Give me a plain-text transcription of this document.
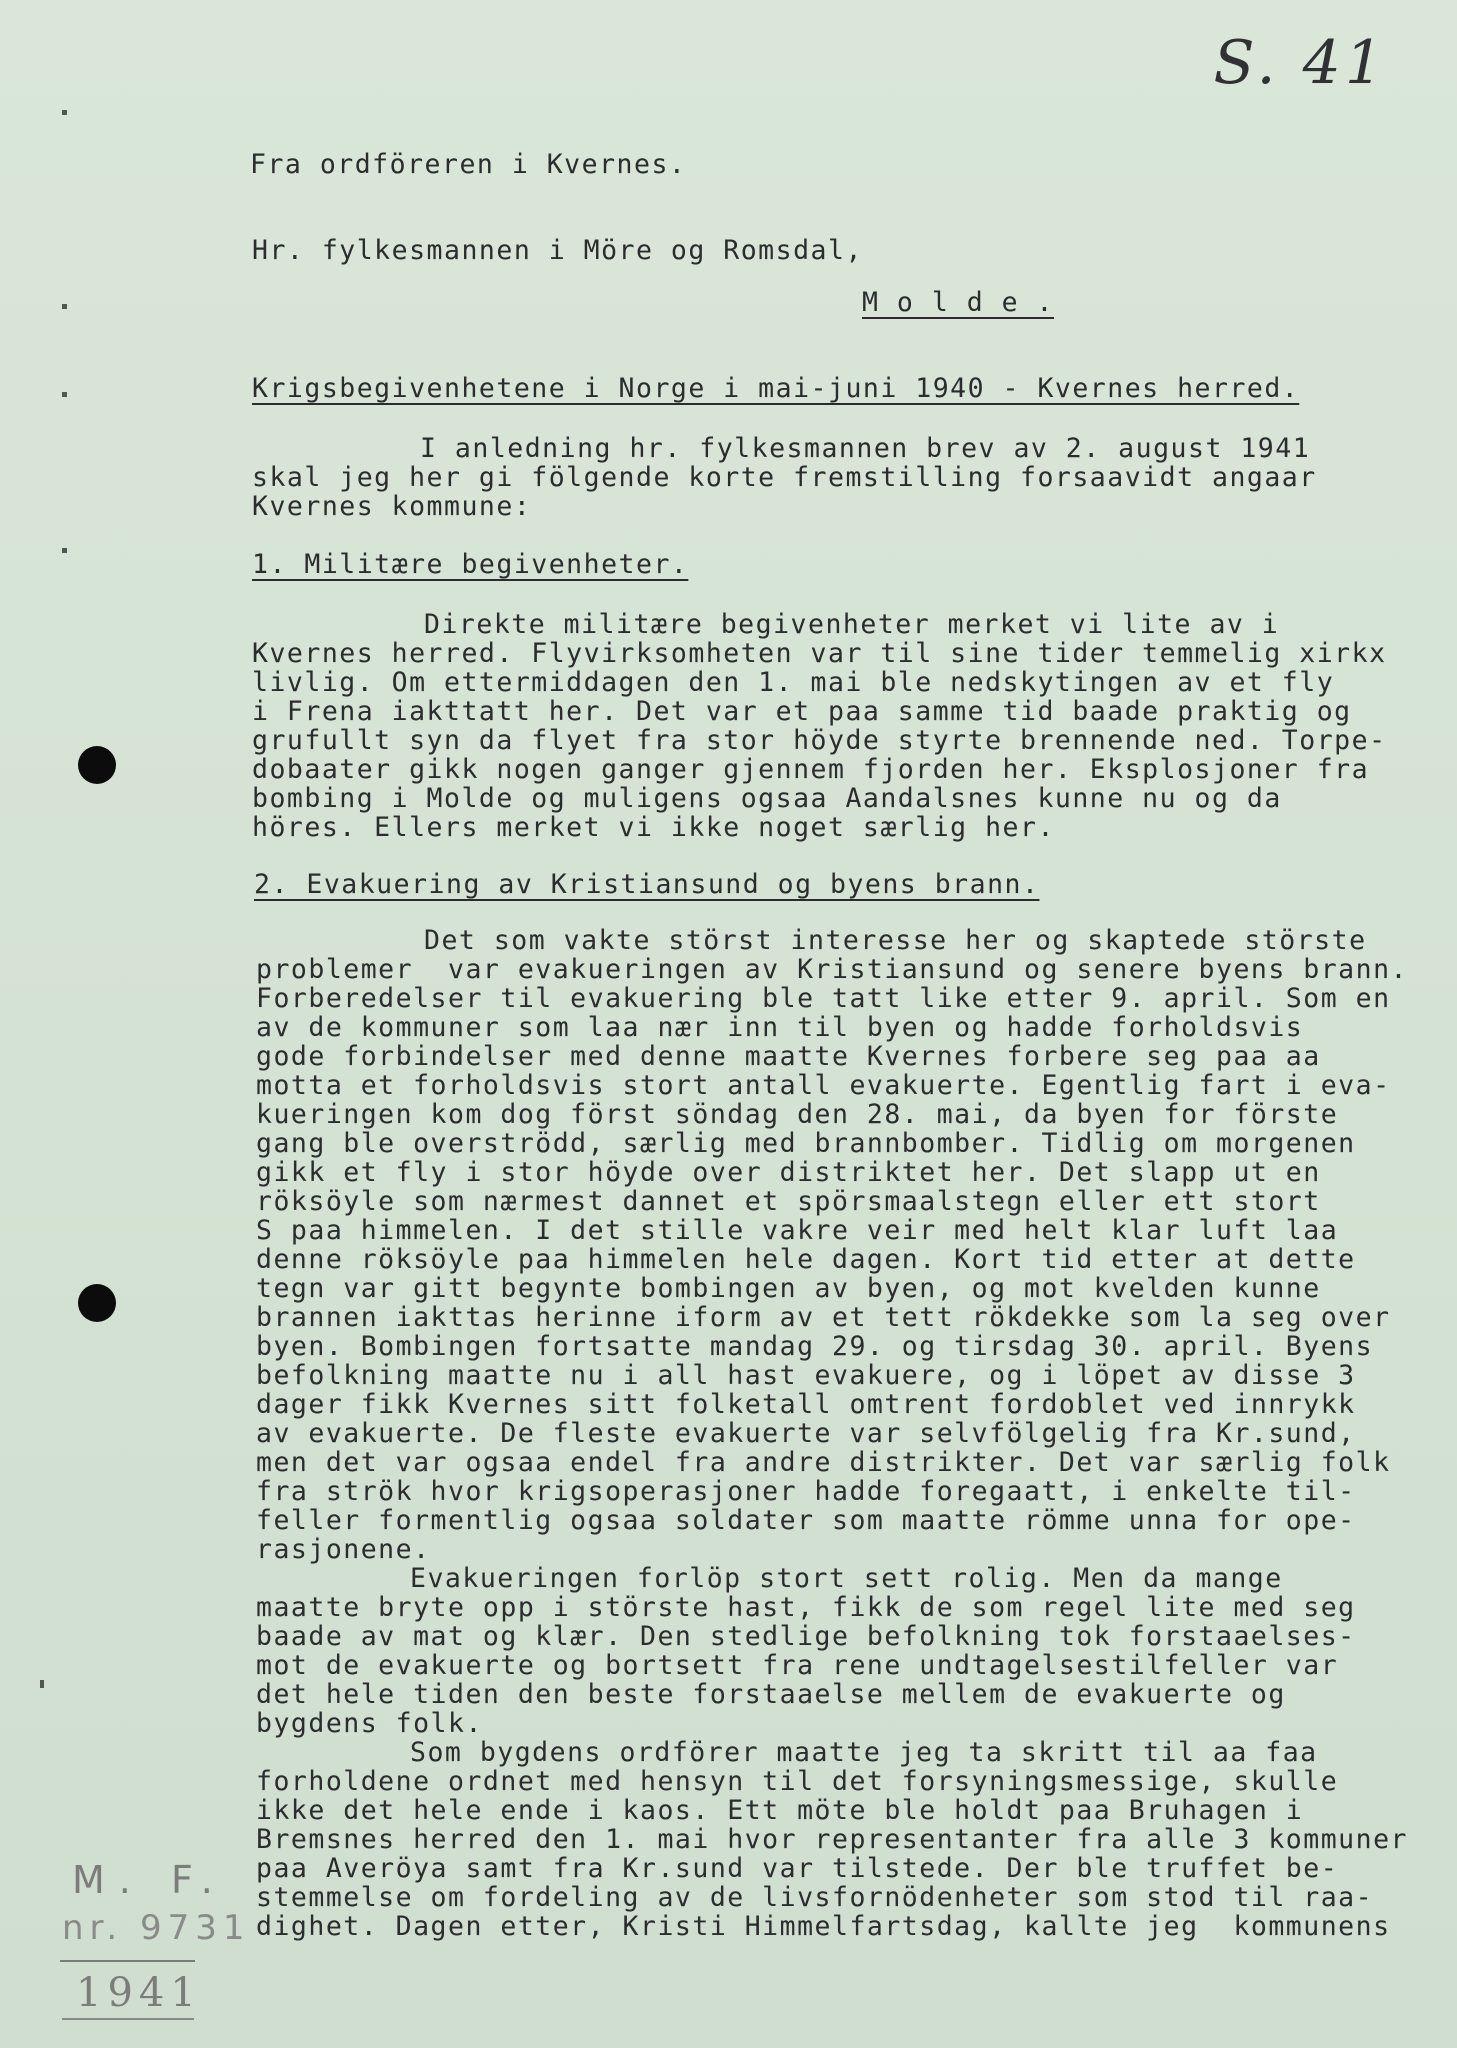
S. 41
Fra ordföreren i Kvernes.
Hr. fylkesmannen i Möre og Romsdal,
M o l d e .
Krigsbegivenhetene i Norge i mai-juni 1940 - Kvernes herred.
I anledning hr. fylkesmannen brev av 2. august 1941
skal jeg her gi fölgende korte fremstilling forsaavidt angaar
Kvernes kommune:
1. Militære begivenheter.
Direkte militære begivenheter merket vi lite av i
Kvernes herred. Flyvirksomheten var til sine tider temmelig xirkx
livlig. Om ettermiddagen den 1. mai ble nedskytingen av et fly
i Frena iakttatt her. Det var et paa samme tid baade praktig og
grufullt syn da flyet fra stor höyde styrte brennende ned. Torpe-
dobaater gikk nogen ganger gjennem fjorden her. Eksplosjoner fra
bombing i Molde og muligens ogsaa Aandalsnes kunne nu og da
höres. Ellers merket vi ikke noget særlig her.
2. Evakuering av Kristiansund og byens brann.
Det som vakte störst interesse her og skaptede störste
problemer  var evakueringen av Kristiansund og senere byens brann.
Forberedelser til evakuering ble tatt like etter 9. april. Som en
av de kommuner som laa nær inn til byen og hadde forholdsvis
gode forbindelser med denne maatte Kvernes forbere seg paa aa
motta et forholdsvis stort antall evakuerte. Egentlig fart i eva-
kueringen kom dog först söndag den 28. mai, da byen for förste
gang ble overströdd, særlig med brannbomber. Tidlig om morgenen
gikk et fly i stor höyde over distriktet her. Det slapp ut en
röksöyle som nærmest dannet et spörsmaalstegn eller ett stort
S paa himmelen. I det stille vakre veir med helt klar luft laa
denne röksöyle paa himmelen hele dagen. Kort tid etter at dette
tegn var gitt begynte bombingen av byen, og mot kvelden kunne
brannen iakttas herinne iform av et tett rökdekke som la seg over
byen. Bombingen fortsatte mandag 29. og tirsdag 30. april. Byens
befolkning maatte nu i all hast evakuere, og i löpet av disse 3
dager fikk Kvernes sitt folketall omtrent fordoblet ved innrykk
av evakuerte. De fleste evakuerte var selvfölgelig fra Kr.sund,
men det var ogsaa endel fra andre distrikter. Det var særlig folk
fra strök hvor krigsoperasjoner hadde foregaatt, i enkelte til-
feller formentlig ogsaa soldater som maatte römme unna for ope-
rasjonene.
Evakueringen forlöp stort sett rolig. Men da mange
maatte bryte opp i störste hast, fikk de som regel lite med seg
baade av mat og klær. Den stedlige befolkning tok forstaaelses-
mot de evakuerte og bortsett fra rene undtagelsestilfeller var
det hele tiden den beste forstaaelse mellem de evakuerte og
bygdens folk.
Som bygdens ordförer maatte jeg ta skritt til aa faa
forholdene ordnet med hensyn til det forsyningsmessige, skulle
ikke det hele ende i kaos. Ett möte ble holdt paa Bruhagen i
Bremsnes herred den 1. mai hvor representanter fra alle 3 kommuner
paa Averöya samt fra Kr.sund var tilstede. Der ble truffet be-
stemmelse om fordeling av de livsfornödenheter som stod til raa-
dighet. Dagen etter, Kristi Himmelfartsdag, kallte jeg  kommunens
M. F.
nr. 9731
1941
